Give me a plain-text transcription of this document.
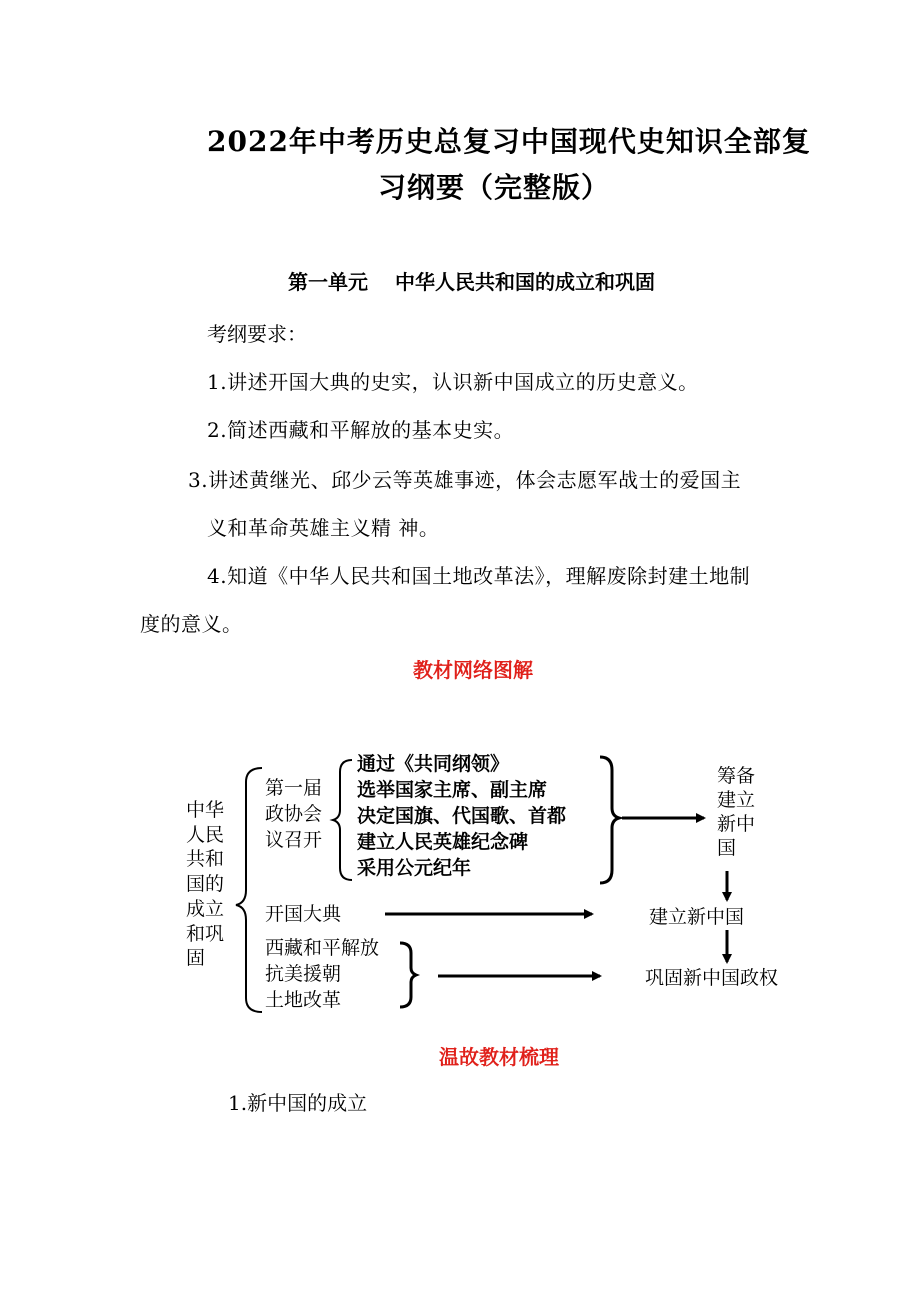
2022年中考历史总复习中国现代史知识全部复
习纲要（完整版）
第一单元　 中华人民共和国的成立和巩固
考纲要求：
1.讲述开国大典的史实，认识新中国成立的历史意义。
2.简述西藏和平解放的基本史实。
3.讲述黄继光、邱少云等英雄事迹，体会志愿军战士的爱国主
义和革命英雄主义精 神。
4.知道《中华人民共和国土地改革法》，理解废除封建土地制
度的意义。
教材网络图解
中华
人民
共和
国的
成立
和巩
固
第一届
政协会
议召开
通过《共同纲领》
选举国家主席、副主席
决定国旗、代国歌、首都
建立人民英雄纪念碑
采用公元纪年
筹备
建立
新中
国
开国大典	建立新中国
西藏和平解放
抗美援朝
土地改革
巩固新中国政权
温故教材梳理
1.新中国的成立
